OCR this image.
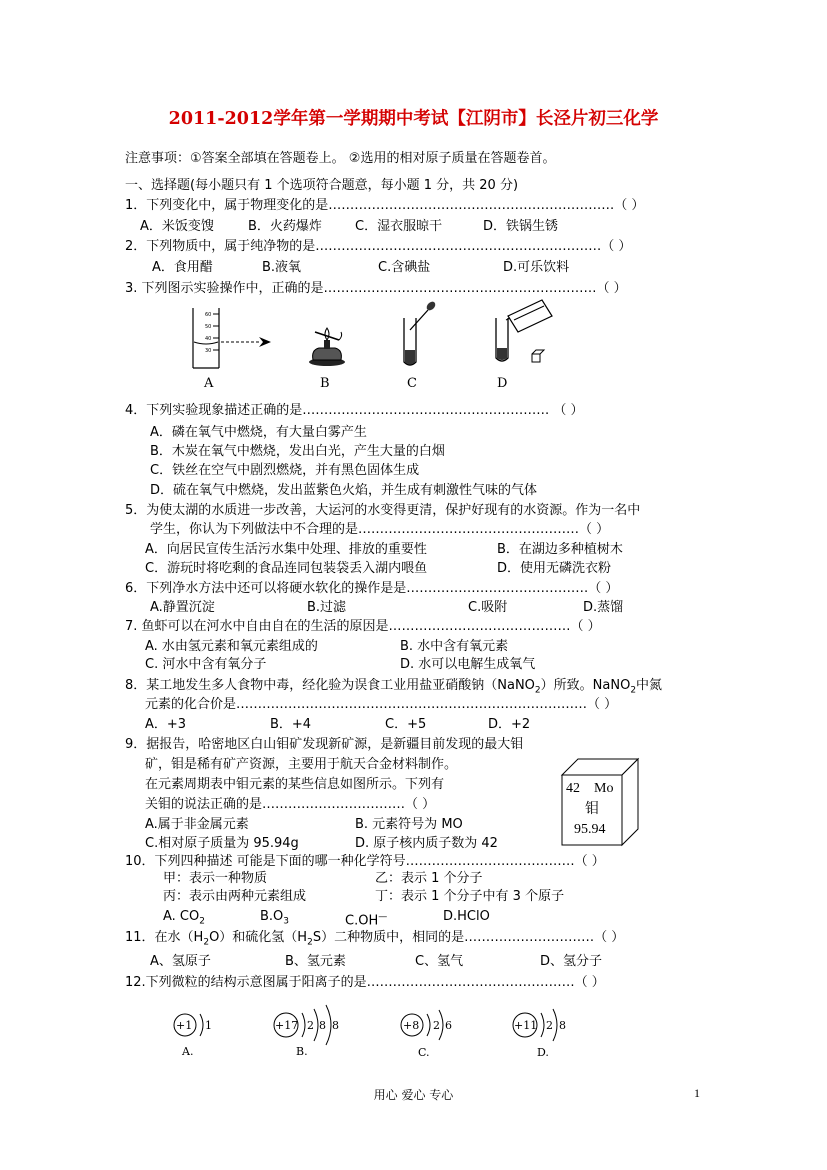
2011-2012学年第一学期期中考试【江阴市】长泾片初三化学
注意事项：①答案全部填在答题卷上。 ②选用的相对原子质量在答题卷首。
一、选择题(每小题只有 1 个选项符合题意，每小题 1 分，共 20 分)
1．下列变化中，属于物理变化的是…………………………………………………………（ ）
A．米饭变馊	B．火药爆炸	C．湿衣服晾干	D．铁锅生锈
2．下列物质中，属于纯净物的是…………………………………………………………（ ）
A．食用醋	B.液氧	C.含碘盐	D.可乐饮料
3. 下列图示实验操作中，正确的是………………………………………………………（ ）
60
50
40
30
A	B	C	D
4．下列实验现象描述正确的是………………………………………………… （ ）
A．磷在氧气中燃烧，有大量白雾产生
B．木炭在氧气中燃烧，发出白光，产生大量的白烟
C．铁丝在空气中剧烈燃烧，并有黑色固体生成
D．硫在氧气中燃烧，发出蓝紫色火焰，并生成有刺激性气味的气体
5．为使太湖的水质进一步改善，大运河的水变得更清，保护好现有的水资源。作为一名中
学生，你认为下列做法中不合理的是……………………………………………（ ）
A．向居民宣传生活污水集中处理、排放的重要性	B．在湖边多种植树木
C．游玩时将吃剩的食品连同包装袋丢入湖内喂鱼	D．使用无磷洗衣粉
6．下列净水方法中还可以将硬水软化的操作是是……………………………………（ ）
A.静置沉淀	B.过滤	C.吸附	D.蒸馏
7. 鱼虾可以在河水中自由自在的生活的原因是……………………………………（ ）
A. 水由氢元素和氧元素组成的	B. 水中含有氧元素
C. 河水中含有氧分子	D. 水可以电解生成氧气
8．某工地发生多人食物中毒，经化验为误食工业用盐亚硝酸钠（NaNO$_2$）所致。NaNO$_2$中氮
元素的化合价是………………………………………………………………………（ ）
A．+3	B．+4	C．+5	D．+2
9．据报告，哈密地区白山钼矿发现新矿源，是新疆目前发现的最大钼
矿，钼是稀有矿产资源，主要用于航天合金材料制作。
在元素周期表中钼元素的某些信息如图所示。下列有
关钼的说法正确的是……………………………（ ）
A.属于非金属元素	B. 元素符号为 MO
C.相对原子质量为 95.94g	D. 原子核内质子数为 42
42 Mo
钼
95.94
10．下列四种描述 可能是下面的哪一种化学符号…………………………………（ ）
甲：表示一种物质	乙：表示 1 个分子
丙：表示由两种元素组成	丁：表示 1 个分子中有 3 个原子
A. $CO_2$	$B.O_3$	C.OH—	D.HClO
11．在水$(H_2O)$和硫化氢$(H_2S)$二种物质中，相同的是…………………………（ ）
A、氢原子	B、氢元素	C、氢气	D、氢分子
12.下列微粒的结构示意图属于阳离子的是…………………………………………（ ）
+1 1
A.
+17 2 8 8
B.
+8 2 6
C.
+11 2 8
D.
用心 爱心 专心	1
